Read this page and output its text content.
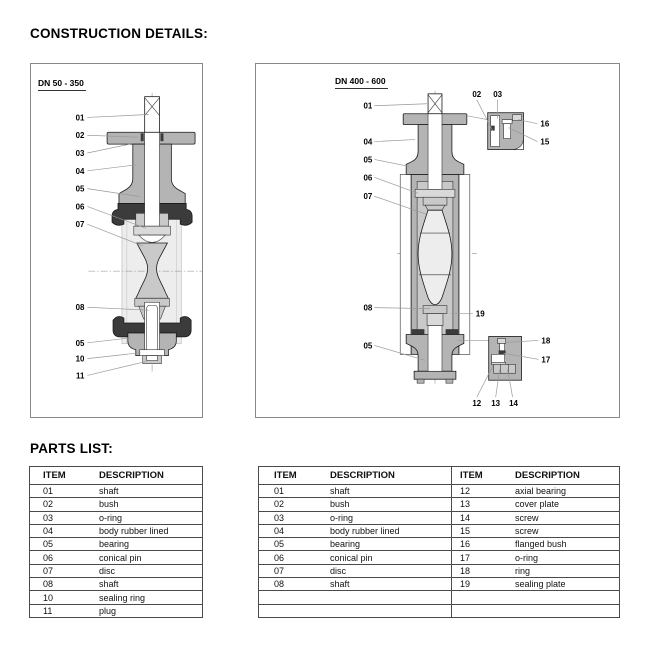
CONSTRUCTION DETAILS:
DN 50 - 350
01
02
03
04
05
06
07
08
05
10
11
DN 400 - 600
01
04
05
06
07
08
05
02 03
16
15
19
18
17
12 13 14
PARTS LIST:
ITEM	DESCRIPTION
01	shaft
02	bush
03	o-ring
04	body rubber lined
05	bearing
06	conical pin
07	disc
08	shaft
10	sealing ring
11	plug
ITEM	DESCRIPTION	ITEM	DESCRIPTION
01	shaft	12	axial bearing
02	bush	13	cover plate
03	o-ring	14	screw
04	body rubber lined	15	screw
05	bearing	16	flanged bush
06	conical pin	17	o-ring
07	disc	18	ring
08	shaft	19	sealing plate
